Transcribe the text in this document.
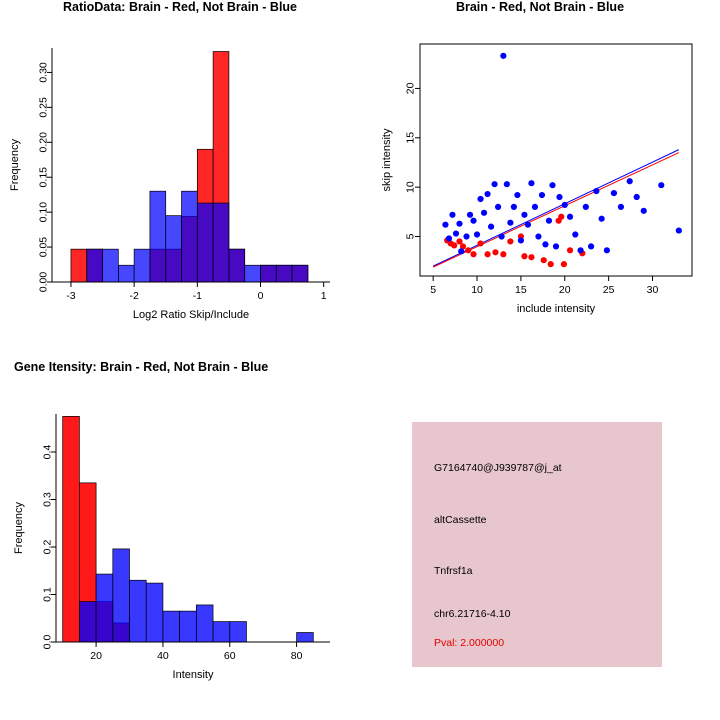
RatioData: Brain - Red, Not Brain - Blue
-3	-2	-1	0	1
0.00
0.05
0.10
0.15
0.20
0.25
0.30
Log2 Ratio Skip/Include
Frequency
Brain - Red, Not Brain - Blue
5	10	15	20	25	30
5
10
15
20
include intensity
skip intensity
Gene Itensity: Brain - Red, Not Brain - Blue
20	40	60	80
0.0
0.1
0.2
0.3
0.4
Intensity
Frequency
G7164740@J939787@j_at
altCassette
Tnfrsf1a
chr6.21716-4.10
Pval: 2.000000
